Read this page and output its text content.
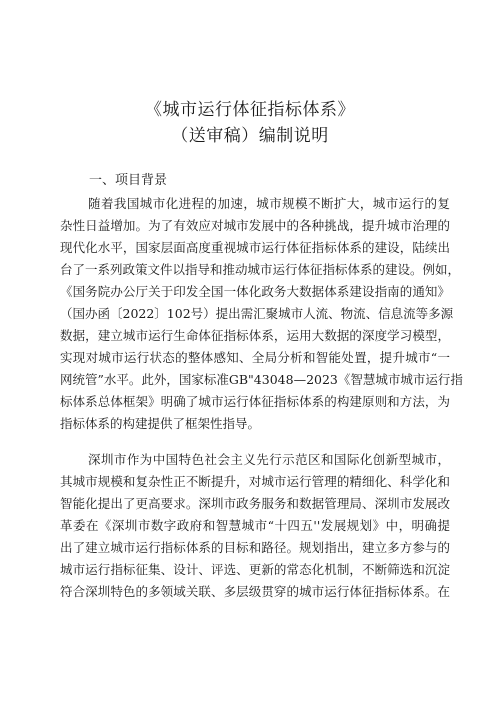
《城市运行体征指标体系》
（送审稿）编制说明
一、项目背景
随着我国城市化进程的加速，城市规模不断扩大，城市运行的复
杂性日益增加。为了有效应对城市发展中的各种挑战，提升城市治理的
现代化水平，国家层面高度重视城市运行体征指标体系的建设，陆续出
台了一系列政策文件以指导和推动城市运行体征指标体系的建设。例如，
《国务院办公厅关于印发全国一体化政务大数据体系建设指南的通知》
（国办函〔2022〕102号）提出需汇聚城市人流、物流、信息流等多源
数据，建立城市运行生命体征指标体系，运用大数据的深度学习模型，
实现对城市运行状态的整体感知、全局分析和智能处置，提升城市“一
网统管”水平。此外，国家标准GB"43048—2023《智慧城市城市运行指
标体系总体框架》明确了城市运行体征指标体系的构建原则和方法，为
指标体系的构建提供了框架性指导。
深圳市作为中国特色社会主义先行示范区和国际化创新型城市，
其城市规模和复杂性正不断提升，对城市运行管理的精细化、科学化和
智能化提出了更高要求。深圳市政务服务和数据管理局、深圳市发展改
革委在《深圳市数字政府和智慧城市“十四五''发展规划》中，明确提
出了建立城市运行指标体系的目标和路径。规划指出，建立多方参与的
城市运行指标征集、设计、评选、更新的常态化机制，不断筛选和沉淀
符合深圳特色的多领域关联、多层级贯穿的城市运行体征指标体系。在
